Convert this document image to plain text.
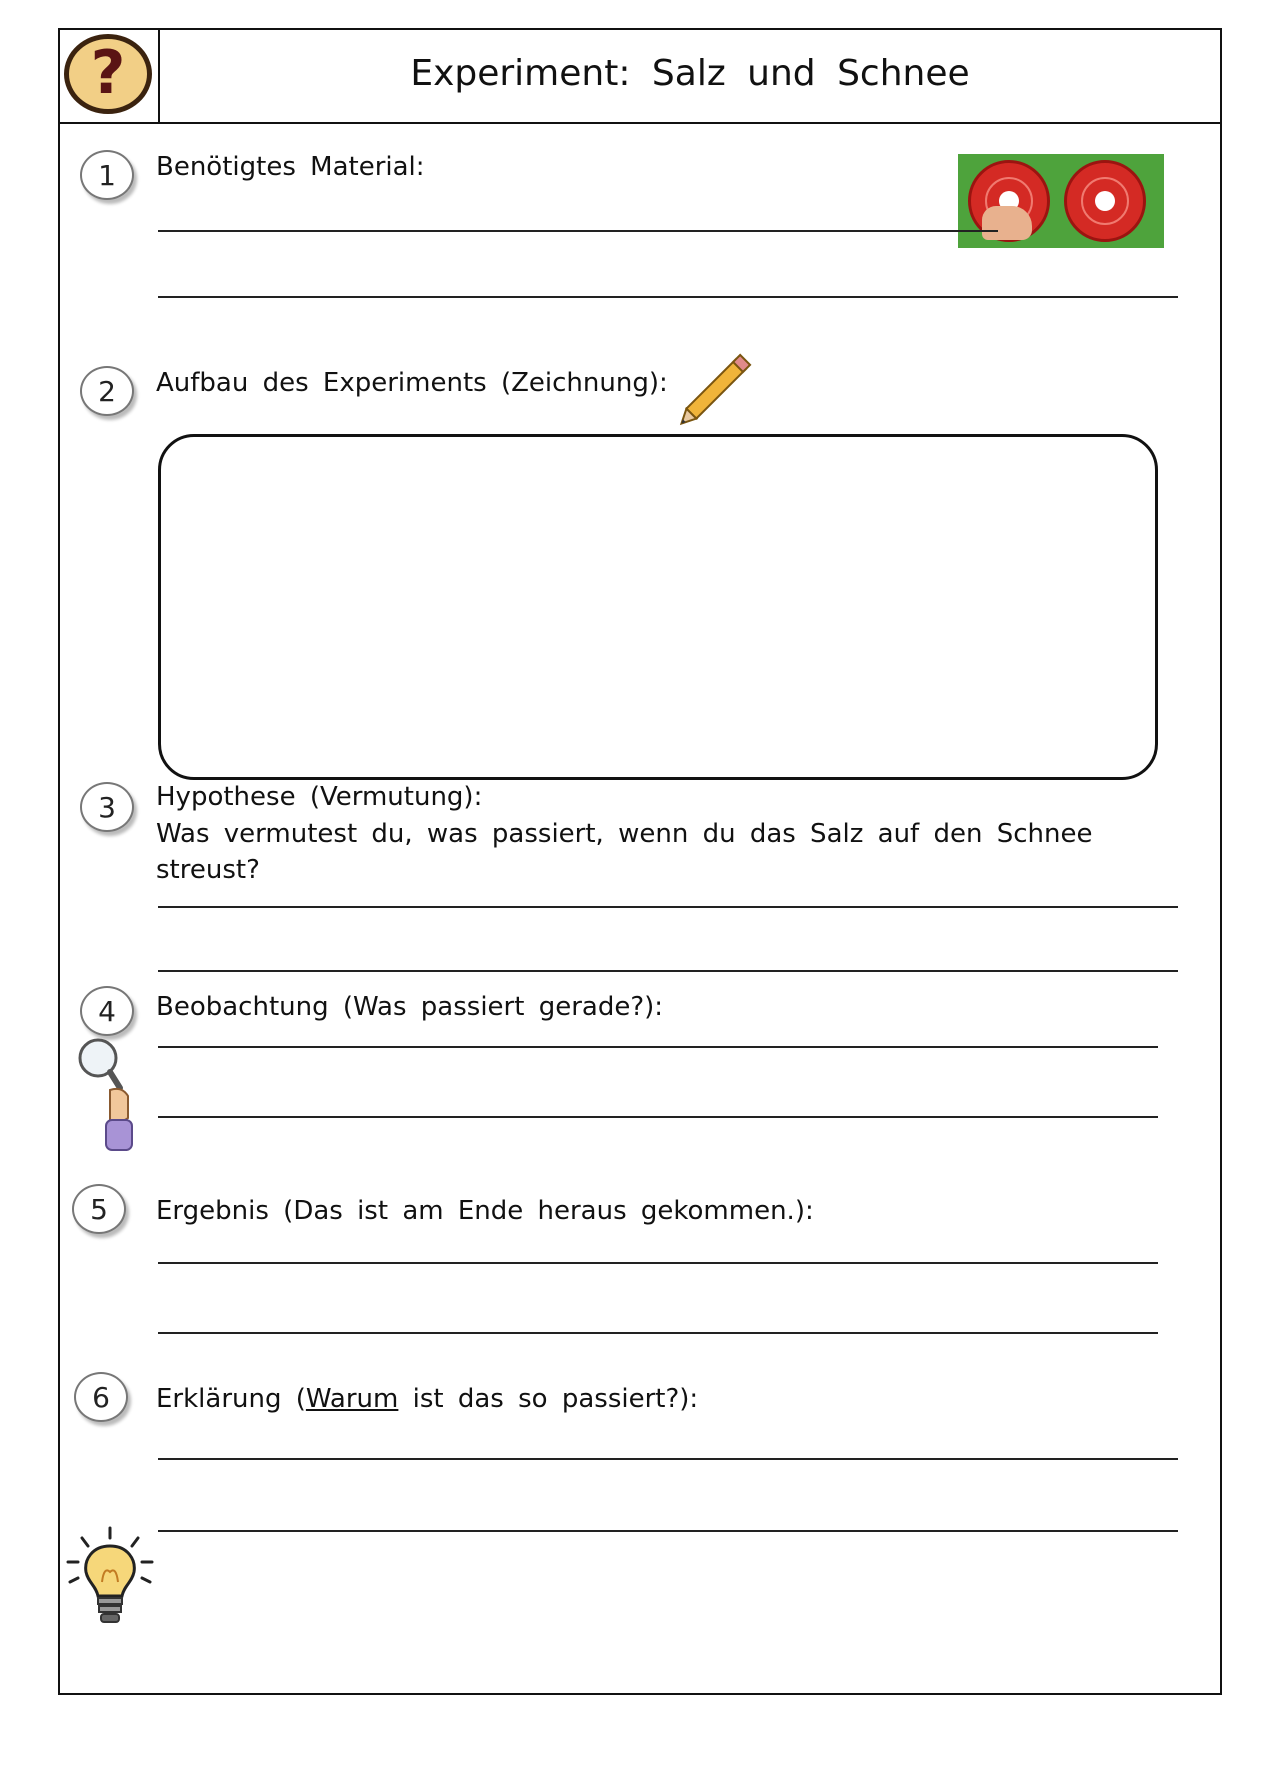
?	Experiment: Salz und Schnee
1	Benötigtes Material:
2	Aufbau des Experiments (Zeichnung):
3	Hypothese (Vermutung):
Was vermutest du, was passiert, wenn du das Salz auf den Schnee streust?
4	Beobachtung (Was passiert gerade?):
5	Ergebnis (Das ist am Ende heraus gekommen.):
6	Erklärung (Warum ist das so passiert?):
